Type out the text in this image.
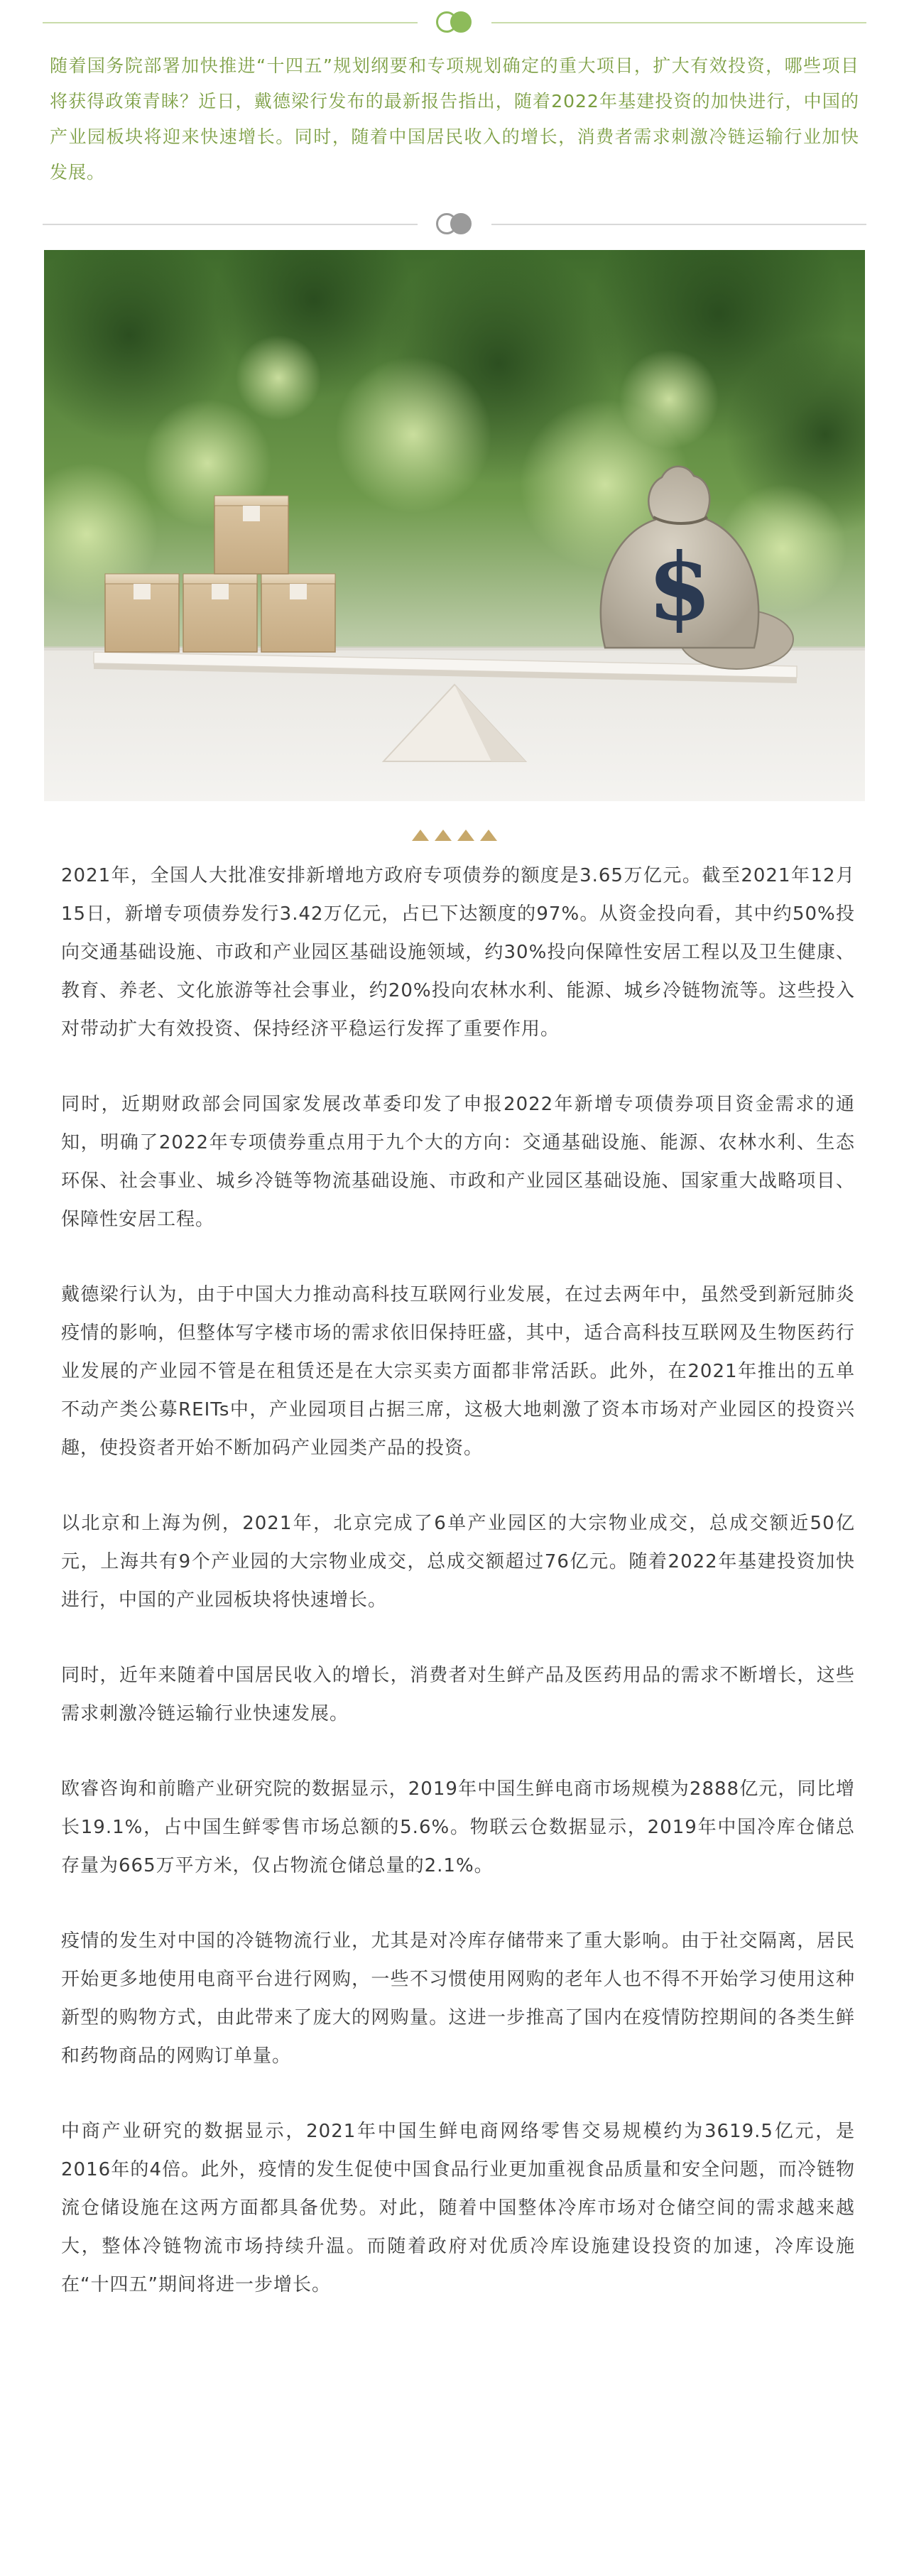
随着国务院部署加快推进“十四五”规划纲要和专项规划确定的重大项目，扩大有效投资，哪些项目将获得政策青睐？近日，戴德梁行发布的最新报告指出，随着2022年基建投资的加快进行，中国的产业园板块将迎来快速增长。同时，随着中国居民收入的增长，消费者需求刺激冷链运输行业加快发展。

$

2021年，全国人大批准安排新增地方政府专项债券的额度是3.65万亿元。截至2021年12月15日，新增专项债券发行3.42万亿元，占已下达额度的97%。从资金投向看，其中约50%投向交通基础设施、市政和产业园区基础设施领域，约30%投向保障性安居工程以及卫生健康、教育、养老、文化旅游等社会事业，约20%投向农林水利、能源、城乡冷链物流等。这些投入对带动扩大有效投资、保持经济平稳运行发挥了重要作用。

同时，近期财政部会同国家发展改革委印发了申报2022年新增专项债券项目资金需求的通知，明确了2022年专项债券重点用于九个大的方向：交通基础设施、能源、农林水利、生态环保、社会事业、城乡冷链等物流基础设施、市政和产业园区基础设施、国家重大战略项目、保障性安居工程。

戴德梁行认为，由于中国大力推动高科技互联网行业发展，在过去两年中，虽然受到新冠肺炎疫情的影响，但整体写字楼市场的需求依旧保持旺盛，其中，适合高科技互联网及生物医药行业发展的产业园不管是在租赁还是在大宗买卖方面都非常活跃。此外，在2021年推出的五单不动产类公募REITs中，产业园项目占据三席，这极大地刺激了资本市场对产业园区的投资兴趣，使投资者开始不断加码产业园类产品的投资。

以北京和上海为例，2021年，北京完成了6单产业园区的大宗物业成交，总成交额近50亿元，上海共有9个产业园的大宗物业成交，总成交额超过76亿元。随着2022年基建投资加快进行，中国的产业园板块将快速增长。

同时，近年来随着中国居民收入的增长，消费者对生鲜产品及医药用品的需求不断增长，这些需求刺激冷链运输行业快速发展。

欧睿咨询和前瞻产业研究院的数据显示，2019年中国生鲜电商市场规模为2888亿元，同比增长19.1%，占中国生鲜零售市场总额的5.6%。物联云仓数据显示，2019年中国冷库仓储总存量为665万平方米，仅占物流仓储总量的2.1%。

疫情的发生对中国的冷链物流行业，尤其是对冷库存储带来了重大影响。由于社交隔离，居民开始更多地使用电商平台进行网购，一些不习惯使用网购的老年人也不得不开始学习使用这种新型的购物方式，由此带来了庞大的网购量。这进一步推高了国内在疫情防控期间的各类生鲜和药物商品的网购订单量。

中商产业研究的数据显示，2021年中国生鲜电商网络零售交易规模约为3619.5亿元，是2016年的4倍。此外，疫情的发生促使中国食品行业更加重视食品质量和安全问题，而冷链物流仓储设施在这两方面都具备优势。对此，随着中国整体冷库市场对仓储空间的需求越来越大，整体冷链物流市场持续升温。而随着政府对优质冷库设施建设投资的加速，冷库设施在“十四五”期间将进一步增长。
